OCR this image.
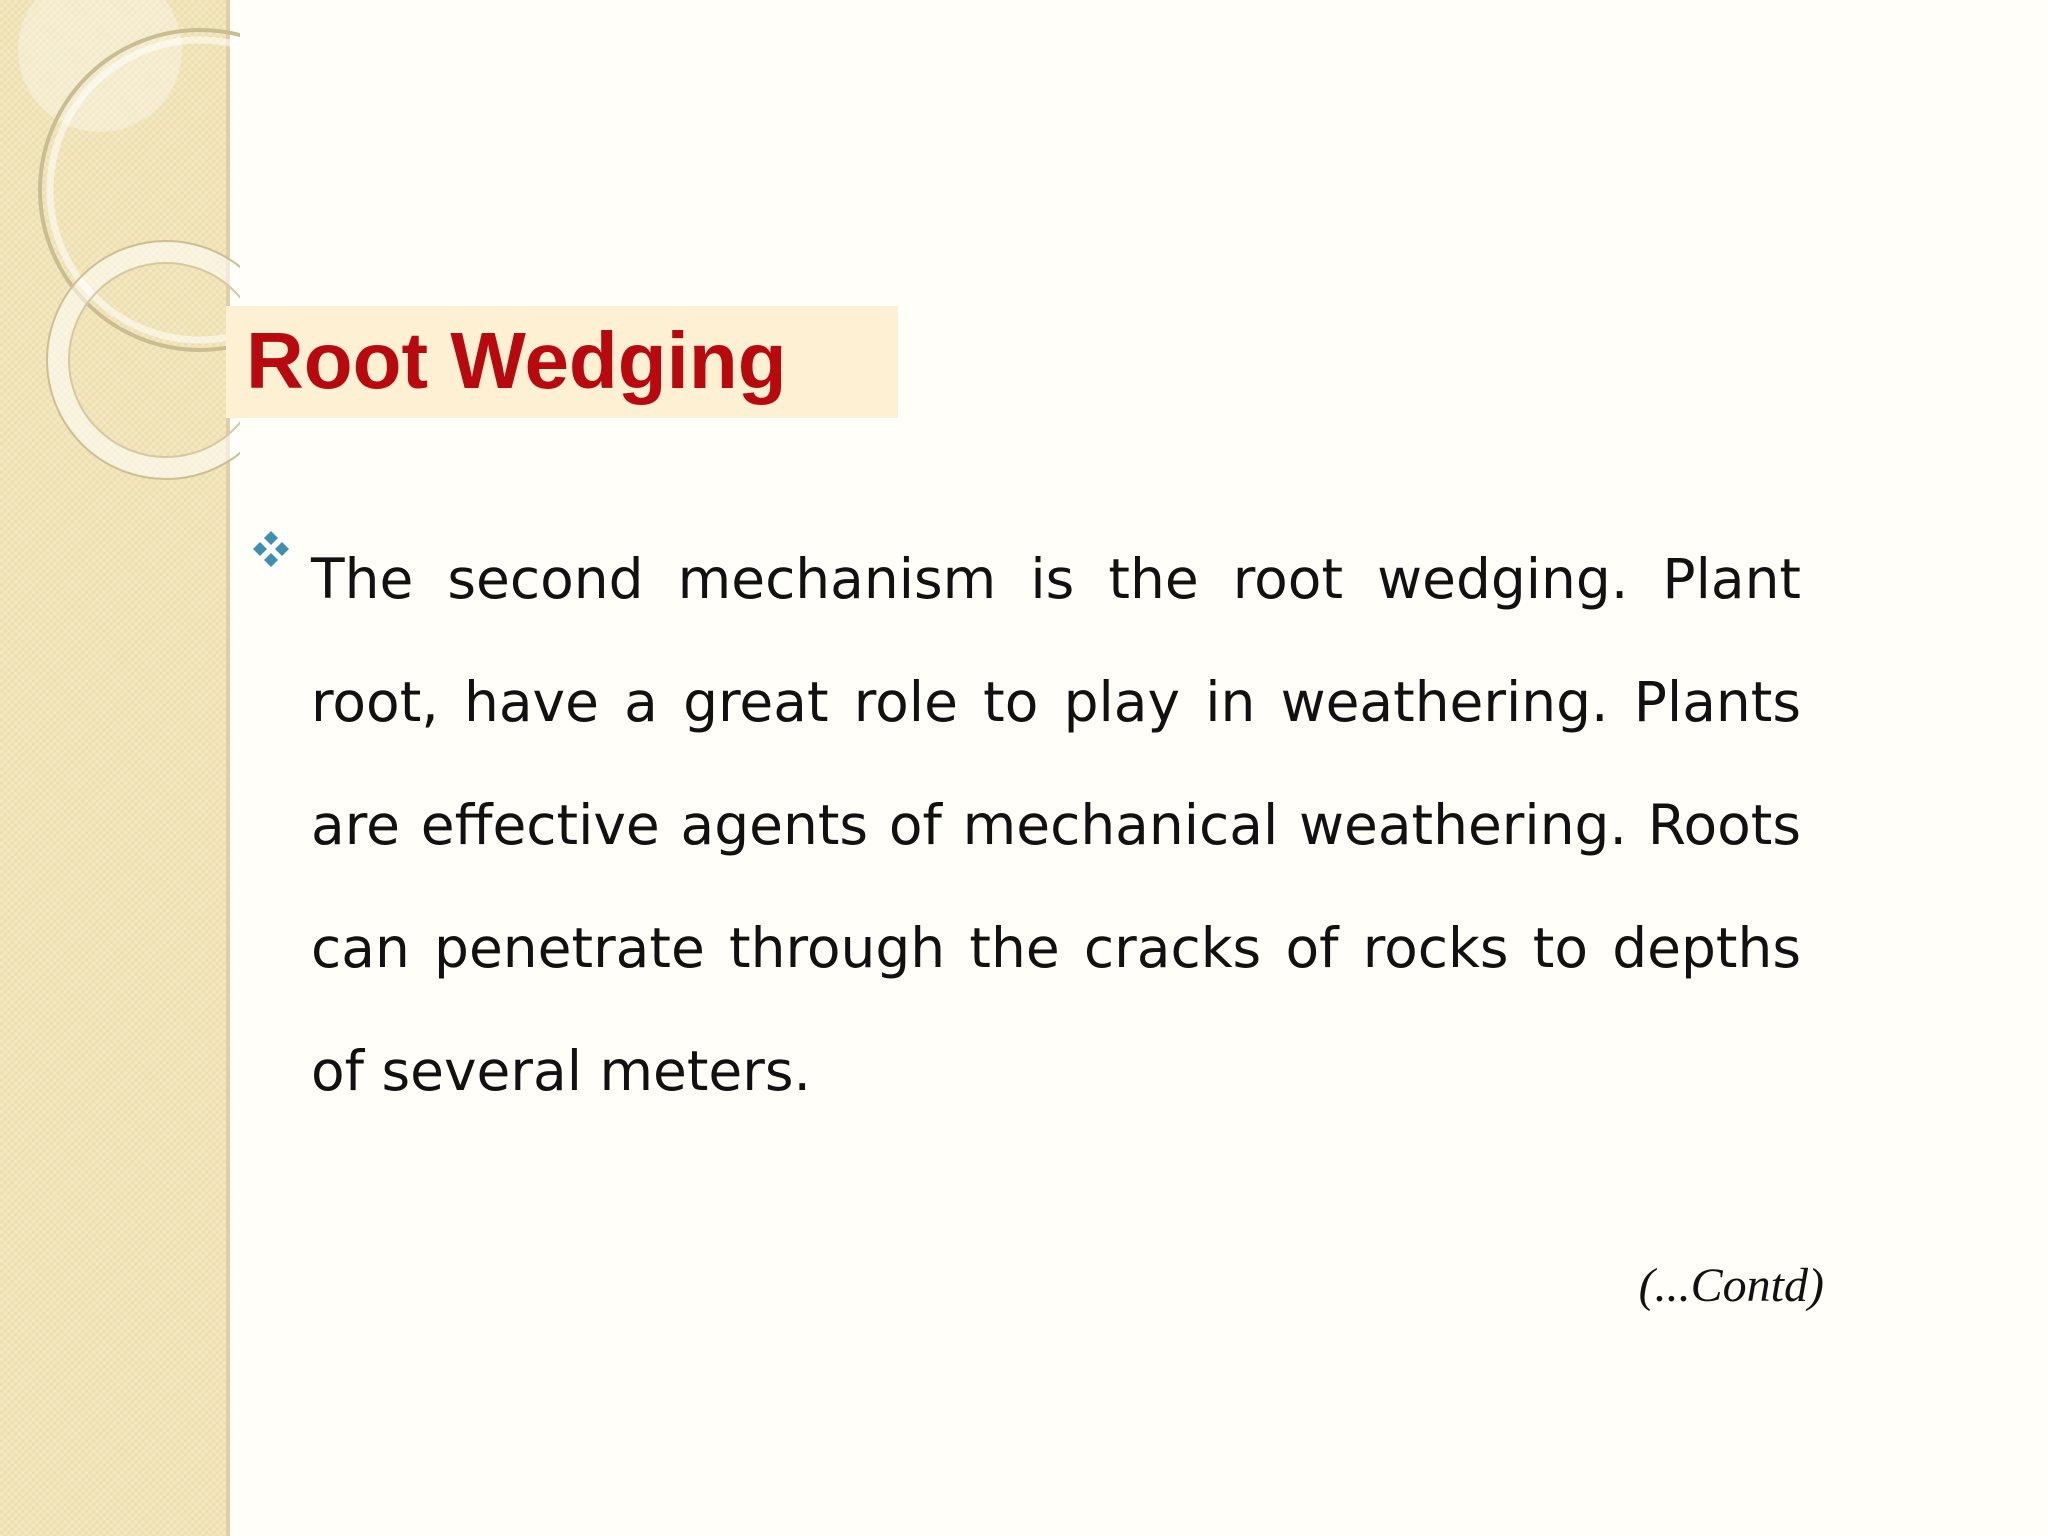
Root Wedging

The second mechanism is the root wedging. Plant root, have a great role to play in weathering. Plants are effective agents of mechanical weathering. Roots can penetrate through the cracks of rocks to depths of several meters.

(...Contd)
